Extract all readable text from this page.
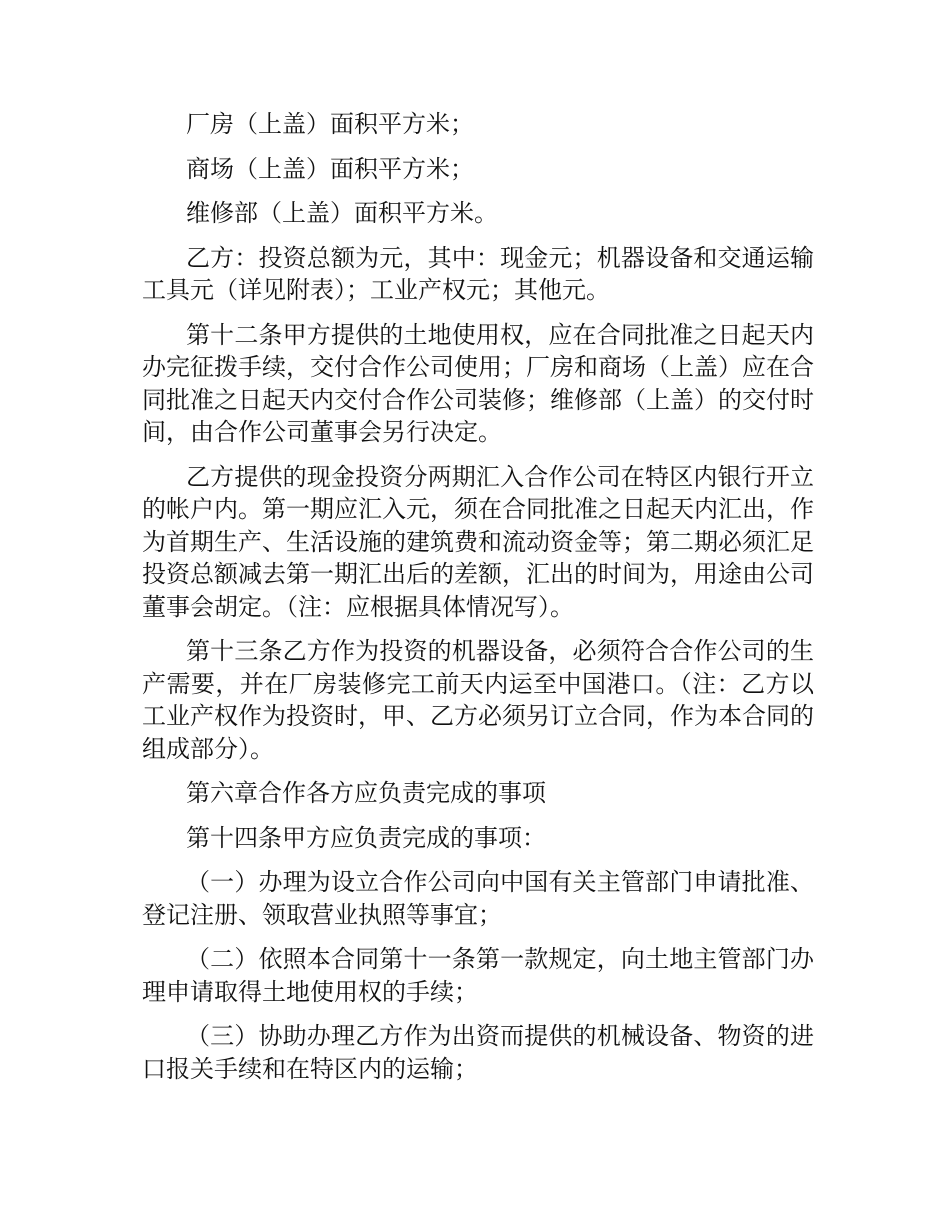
厂房（上盖）面积平方米；

商场（上盖）面积平方米；

维修部（上盖）面积平方米。

乙方：投资总额为元，其中：现金元；机器设备和交通运输工具元（详见附表）；工业产权元；其他元。

第十二条甲方提供的土地使用权，应在合同批准之日起天内办完征拨手续，交付合作公司使用；厂房和商场（上盖）应在合同批准之日起天内交付合作公司装修；维修部（上盖）的交付时间，由合作公司董事会另行决定。

乙方提供的现金投资分两期汇入合作公司在特区内银行开立的帐户内。第一期应汇入元，须在合同批准之日起天内汇出，作为首期生产、生活设施的建筑费和流动资金等；第二期必须汇足投资总额减去第一期汇出后的差额，汇出的时间为，用途由公司董事会胡定。（注：应根据具体情况写）。

第十三条乙方作为投资的机器设备，必须符合合作公司的生产需要，并在厂房装修完工前天内运至中国港口。（注：乙方以工业产权作为投资时，甲、乙方必须另订立合同，作为本合同的组成部分）。

第六章合作各方应负责完成的事项

第十四条甲方应负责完成的事项：

（一）办理为设立合作公司向中国有关主管部门申请批准、登记注册、领取营业执照等事宜；

（二）依照本合同第十一条第一款规定，向土地主管部门办理申请取得土地使用权的手续；

（三）协助办理乙方作为出资而提供的机械设备、物资的进口报关手续和在特区内的运输；
